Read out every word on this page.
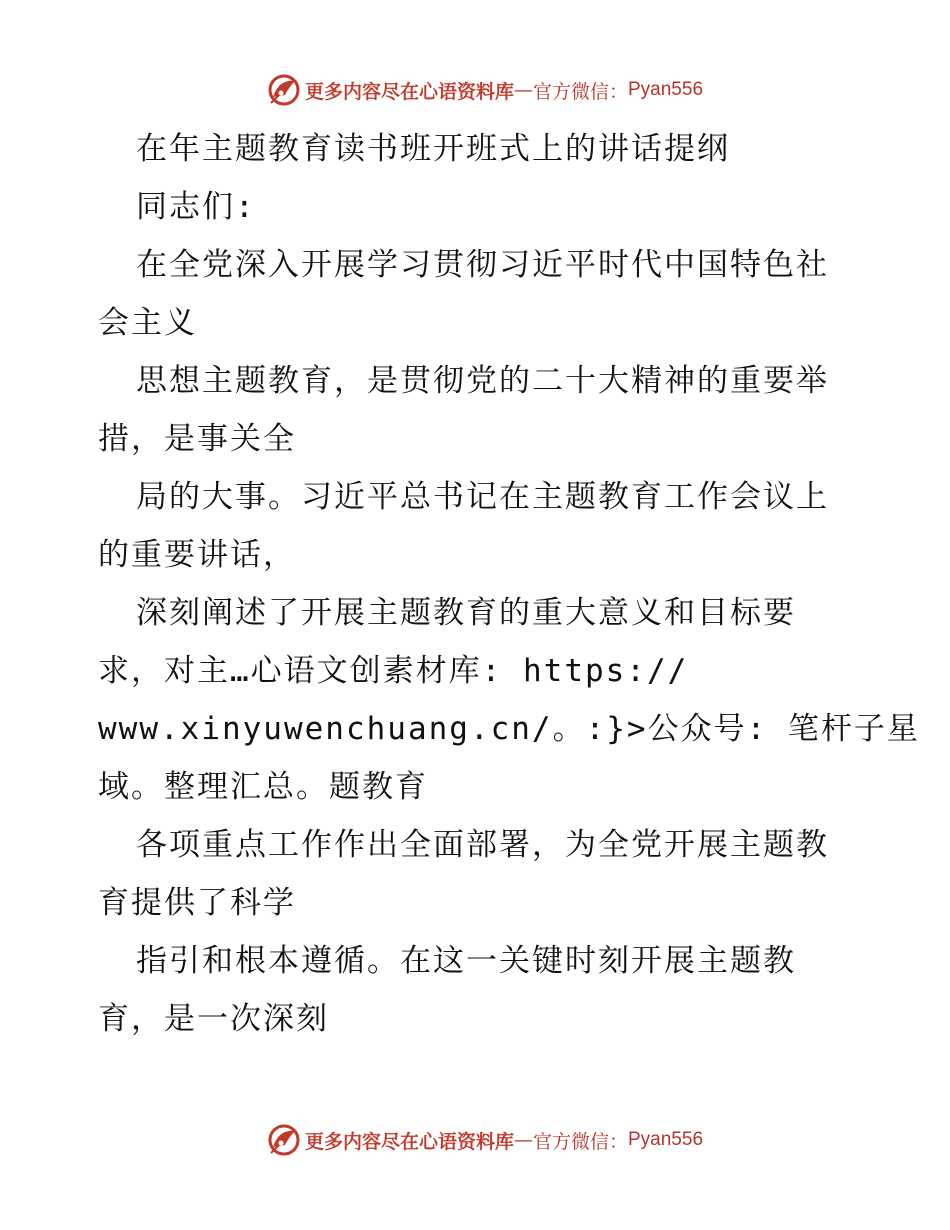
更多内容尽在心语资料库 — 官方微信： Pyan556
在年主题教育读书班开班式上的讲话提纲
同志们:
在全党深入开展学习贯彻习近平时代中国特色社
会主义
思想主题教育，是贯彻党的二十大精神的重要举
措，是事关全
局的大事。习近平总书记在主题教育工作会议上
的重要讲话，
深刻阐述了开展主题教育的重大意义和目标要
求，对主…心语文创素材库: https://
www.xinyuwenchuang.cn/。:}>公众号: 笔杆子星
域。整理汇总。题教育
各项重点工作作出全面部署，为全党开展主题教
育提供了科学
指引和根本遵循。在这一关键时刻开展主题教
育，是一次深刻
更多内容尽在心语资料库 — 官方微信： Pyan556
